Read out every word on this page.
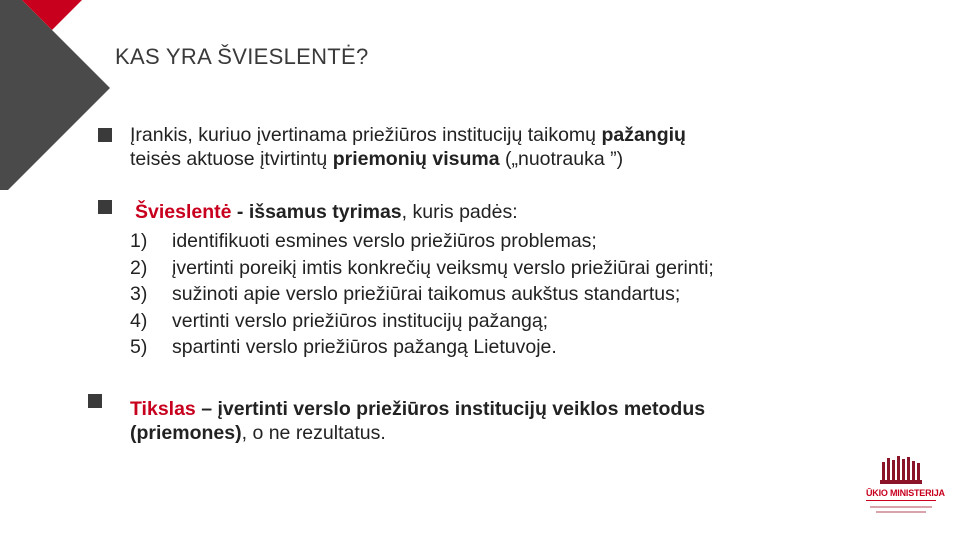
KAS YRA ŠVIESLENTĖ?
Įrankis, kuriuo įvertinama priežiūros institucijų taikomų pažangių
teisės aktuose įtvirtintų priemonių visuma („nuotrauka ”)
Švieslentė - išsamus tyrimas, kuris padės:
1)	identifikuoti esmines verslo priežiūros problemas;
2)	įvertinti poreikį imtis konkrečių veiksmų verslo priežiūrai gerinti;
3)	sužinoti apie verslo priežiūrai taikomus aukštus standartus;
4)	vertinti verslo priežiūros institucijų pažangą;
5)	spartinti verslo priežiūros pažangą Lietuvoje.
Tikslas – įvertinti verslo priežiūros institucijų veiklos metodus
(priemones), o ne rezultatus.
ŪKIO MINISTERIJA
